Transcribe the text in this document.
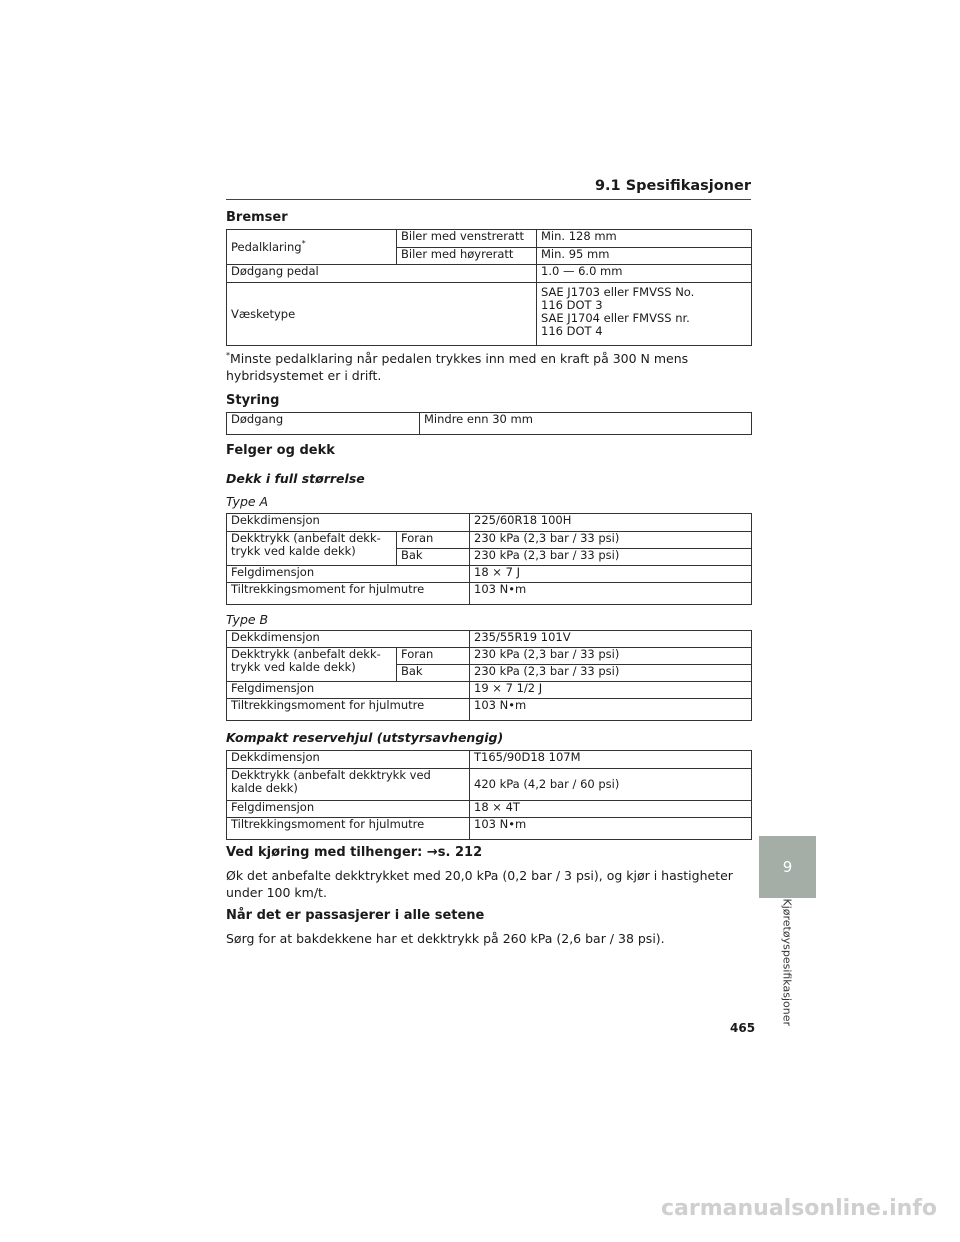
9.1 Spesifikasjoner
Bremser
Pedalklaring*	Biler med venstreratt	Min. 128 mm
	Biler med høyreratt	Min. 95 mm
Dødgang pedal		1.0 — 6.0 mm
Væsketype		SAE J1703 eller FMVSS No.
116 DOT 3
SAE J1704 eller FMVSS nr.
116 DOT 4
*Minste pedalklaring når pedalen trykkes inn med en kraft på 300 N mens hybridsystemet er i drift.
Styring
Dødgang	Mindre enn 30 mm
Felger og dekk
Dekk i full størrelse
Type A
Dekkdimensjon		225/60R18 100H
Dekktrykk (anbefalt dekk-trykk ved kalde dekk)	Foran	230 kPa (2,3 bar / 33 psi)
	Bak	230 kPa (2,3 bar / 33 psi)
Felgdimensjon		18 × 7 J
Tiltrekkingsmoment for hjulmutre		103 N•m
Type B
Dekkdimensjon		235/55R19 101V
Dekktrykk (anbefalt dekk-trykk ved kalde dekk)	Foran	230 kPa (2,3 bar / 33 psi)
	Bak	230 kPa (2,3 bar / 33 psi)
Felgdimensjon		19 × 7 1/2 J
Tiltrekkingsmoment for hjulmutre		103 N•m
Kompakt reservehjul (utstyrsavhengig)
Dekkdimensjon	T165/90D18 107M
Dekktrykk (anbefalt dekktrykk ved kalde dekk)	420 kPa (4,2 bar / 60 psi)
Felgdimensjon	18 × 4T
Tiltrekkingsmoment for hjulmutre	103 N•m
Ved kjøring med tilhenger: →s. 212
Øk det anbefalte dekktrykket med 20,0 kPa (0,2 bar / 3 psi), og kjør i hastigheter under 100 km/t.
Når det er passasjerer i alle setene
Sørg for at bakdekkene har et dekktrykk på 260 kPa (2,6 bar / 38 psi).
9
Kjøretøyspesifikasjoner
465
carmanualsonline.info
